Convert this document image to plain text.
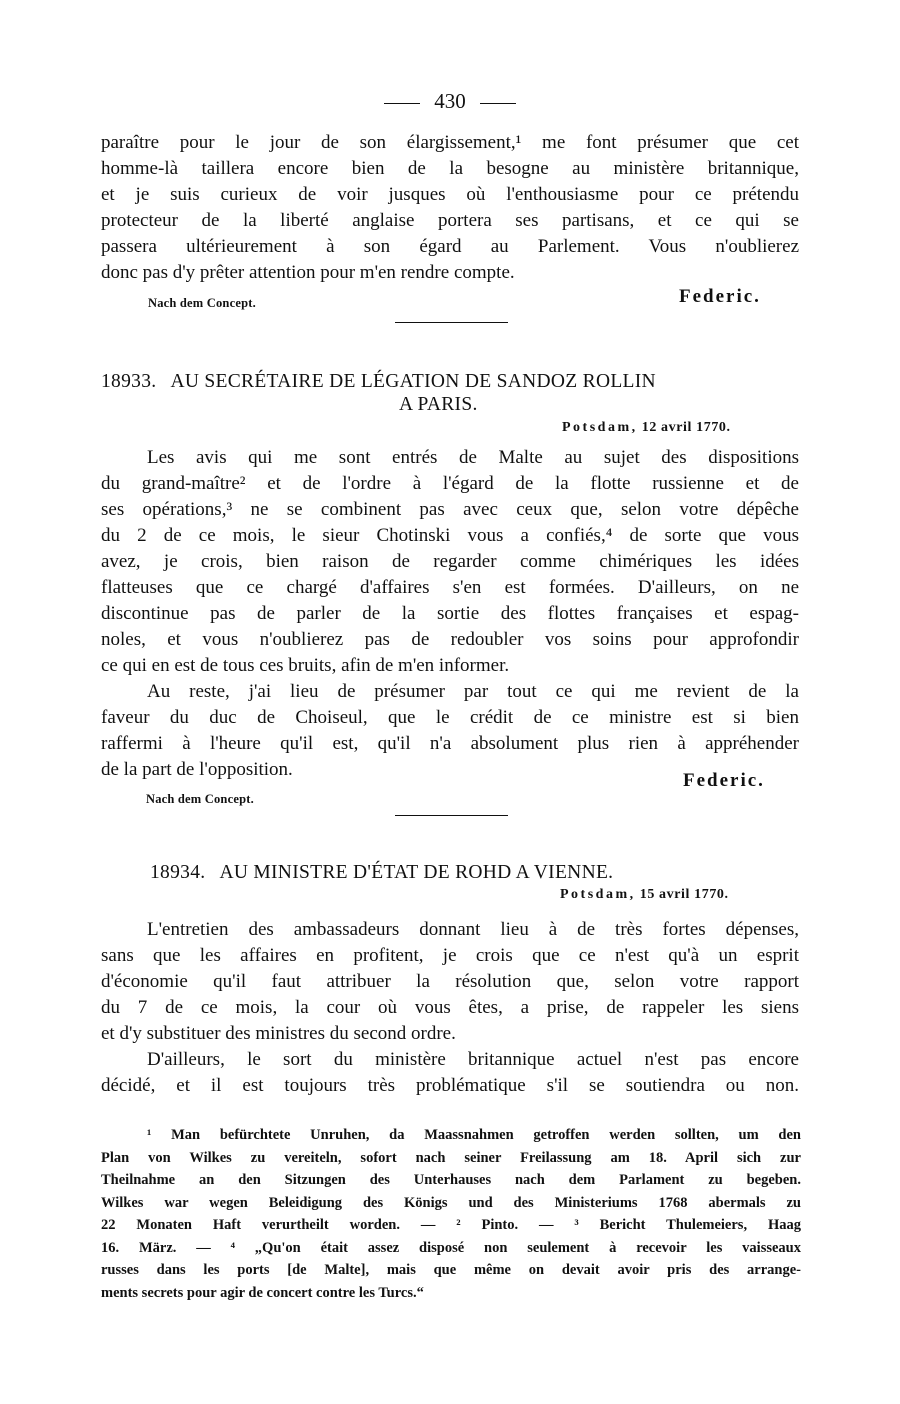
430
paraître pour le jour de son élargissement,¹ me font présumer que cet
homme-là taillera encore bien de la besogne au ministère britannique,
et je suis curieux de voir jusques où l'enthousiasme pour ce prétendu
protecteur de la liberté anglaise portera ses partisans, et ce qui se
passera ultérieurement à son égard au Parlement. Vous n'oublierez
donc pas d'y prêter attention pour m'en rendre compte.
Nach dem Concept.	Federic.
18933. AU SECRÉTAIRE DE LÉGATION DE SANDOZ ROLLIN
A PARIS.
Potsdam, 12 avril 1770.
Les avis qui me sont entrés de Malte au sujet des dispositions
du grand-maître² et de l'ordre à l'égard de la flotte russienne et de
ses opérations,³ ne se combinent pas avec ceux que, selon votre dépêche
du 2 de ce mois, le sieur Chotinski vous a confiés,⁴ de sorte que vous
avez, je crois, bien raison de regarder comme chimériques les idées
flatteuses que ce chargé d'affaires s'en est formées. D'ailleurs, on ne
discontinue pas de parler de la sortie des flottes françaises et espag-
noles, et vous n'oublierez pas de redoubler vos soins pour approfondir
ce qui en est de tous ces bruits, afin de m'en informer.
Au reste, j'ai lieu de présumer par tout ce qui me revient de la
faveur du duc de Choiseul, que le crédit de ce ministre est si bien
raffermi à l'heure qu'il est, qu'il n'a absolument plus rien à appréhender
de la part de l'opposition.
Federic.
Nach dem Concept.
18934. AU MINISTRE D'ÉTAT DE ROHD A VIENNE.
Potsdam, 15 avril 1770.
L'entretien des ambassadeurs donnant lieu à de très fortes dépenses,
sans que les affaires en profitent, je crois que ce n'est qu'à un esprit
d'économie qu'il faut attribuer la résolution que, selon votre rapport
du 7 de ce mois, la cour où vous êtes, a prise, de rappeler les siens
et d'y substituer des ministres du second ordre.
D'ailleurs, le sort du ministère britannique actuel n'est pas encore
décidé, et il est toujours très problématique s'il se soutiendra ou non.
¹ Man befürchtete Unruhen, da Maassnahmen getroffen werden sollten, um den
Plan von Wilkes zu vereiteln, sofort nach seiner Freilassung am 18. April sich zur
Theilnahme an den Sitzungen des Unterhauses nach dem Parlament zu begeben.
Wilkes war wegen Beleidigung des Königs und des Ministeriums 1768 abermals zu
22 Monaten Haft verurtheilt worden. — ² Pinto. — ³ Bericht Thulemeiers, Haag
16. März. — ⁴ „Qu'on était assez disposé non seulement à recevoir les vaisseaux
russes dans les ports [de Malte], mais que même on devait avoir pris des arrange-
ments secrets pour agir de concert contre les Turcs.“
